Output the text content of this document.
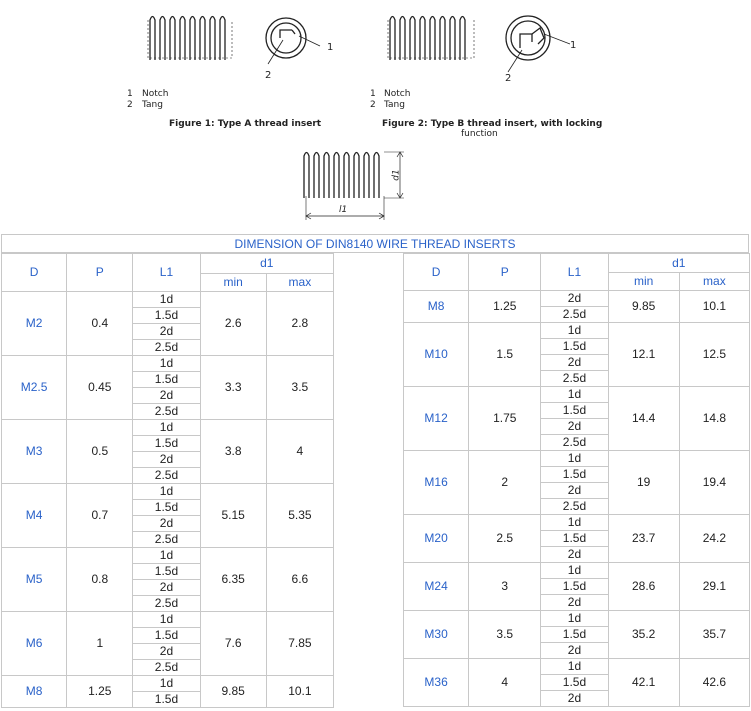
1
2
1 Notch
2 Tang
Figure 1: Type A thread insert
1
2
1 Notch
2 Tang
Figure 2: Type B thread insert, with locking
function
d1
l1
DIMENSION OF DIN8140 WIRE THREAD INSERTS
D	P	L1	d1	
			min	max
M2	0.4	1d	2.6	2.8
		1.5d		
		2d		
		2.5d		
M2.5	0.45	1d	3.3	3.5
		1.5d		
		2d		
		2.5d		
M3	0.5	1d	3.8	4
		1.5d		
		2d		
		2.5d		
M4	0.7	1d	5.15	5.35
		1.5d		
		2d		
		2.5d		
M5	0.8	1d	6.35	6.6
		1.5d		
		2d		
		2.5d		
M6	1	1d	7.6	7.85
		1.5d		
		2d		
		2.5d		
M8	1.25	1d	9.85	10.1
		1.5d		
D	P	L1	d1	
			min	max
M8	1.25	2d	9.85	10.1
		2.5d		
M10	1.5	1d	12.1	12.5
		1.5d		
		2d		
		2.5d		
M12	1.75	1d	14.4	14.8
		1.5d		
		2d		
		2.5d		
M16	2	1d	19	19.4
		1.5d		
		2d		
		2.5d		
M20	2.5	1d	23.7	24.2
		1.5d		
		2d		
M24	3	1d	28.6	29.1
		1.5d		
		2d		
M30	3.5	1d	35.2	35.7
		1.5d		
		2d		
M36	4	1d	42.1	42.6
		1.5d		
		2d		
